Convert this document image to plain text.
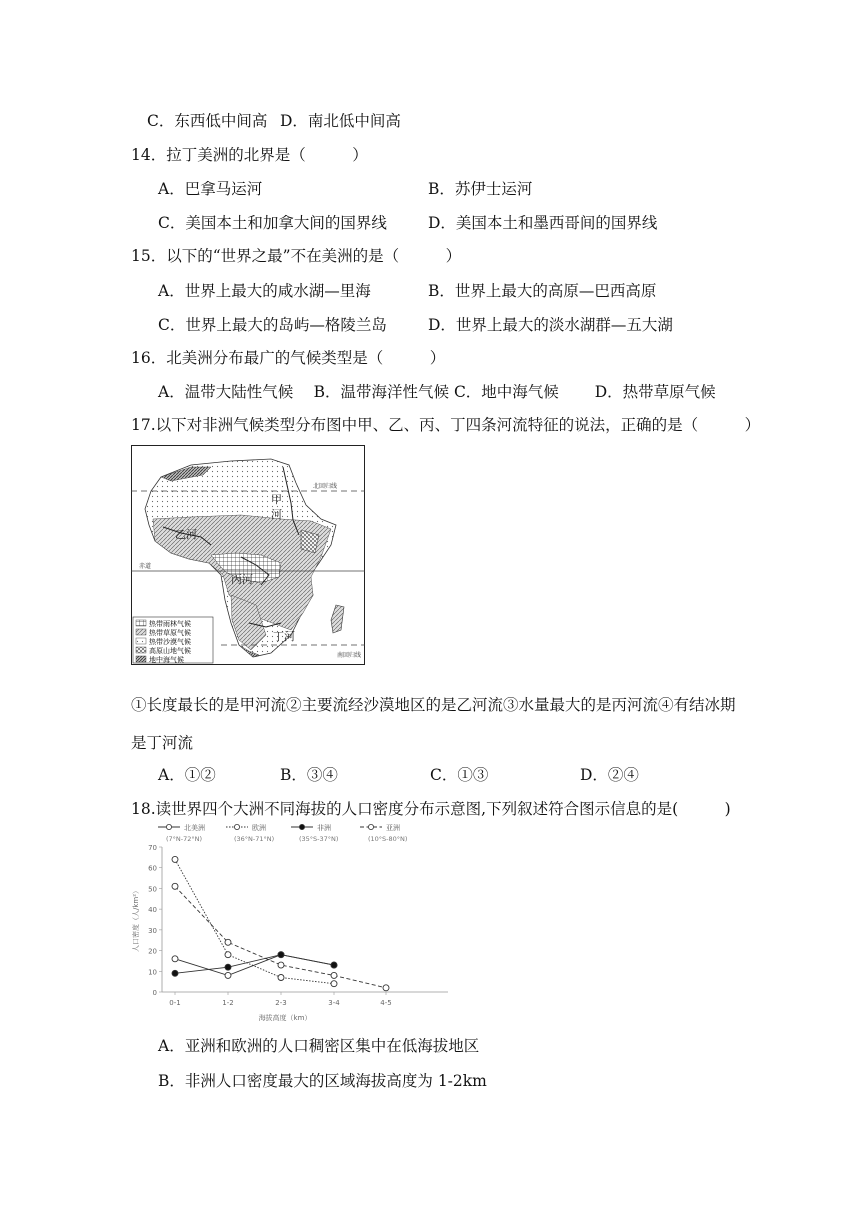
C．东西低中间高 D．南北低中间高
14．拉丁美洲的北界是（　　　）
A．巴拿马运河	B．苏伊士运河
C．美国本土和加拿大间的国界线	D．美国本土和墨西哥间的国界线
15．以下的“世界之最”不在美洲的是（　　　）
A．世界上最大的咸水湖—里海	B．世界上最大的高原—巴西高原
C．世界上最大的岛屿—格陵兰岛	D．世界上最大的淡水湖群—五大湖
16．北美洲分布最广的气候类型是（　　　）
A．温带大陆性气候　 B．温带海洋性气候 C．地中海气候　　 D．热带草原气候
17.以下对非洲气候类型分布图中甲、乙、丙、丁四条河流特征的说法，正确的是（　　　）
北回归线
赤道
南回归线
甲
河
乙河
丙河
丁河
热带雨林气候
热带草原气候
热带沙漠气候
高原山地气候
地中海气候
①长度最长的是甲河流②主要流经沙漠地区的是乙河流③水量最大的是丙河流④有结冰期
是丁河流
A．①②	B．③④	C．①③	D．②④
18.读世界四个大洲不同海拔的人口密度分布示意图,下列叙述符合图示信息的是(　　　)
北美洲
(7°N-72°N)
欧洲
(36°N-71°N)
非洲
(35°S-37°N)
亚洲
(10°S-80°N)
0
10
20
30
40
50
60
70
0-1	1-2	2-3	3-4	4-5
海拔高度（km）
人口密度（人/km²）
A．亚洲和欧洲的人口稠密区集中在低海拔地区
B．非洲人口密度最大的区域海拔高度为 1-2km
